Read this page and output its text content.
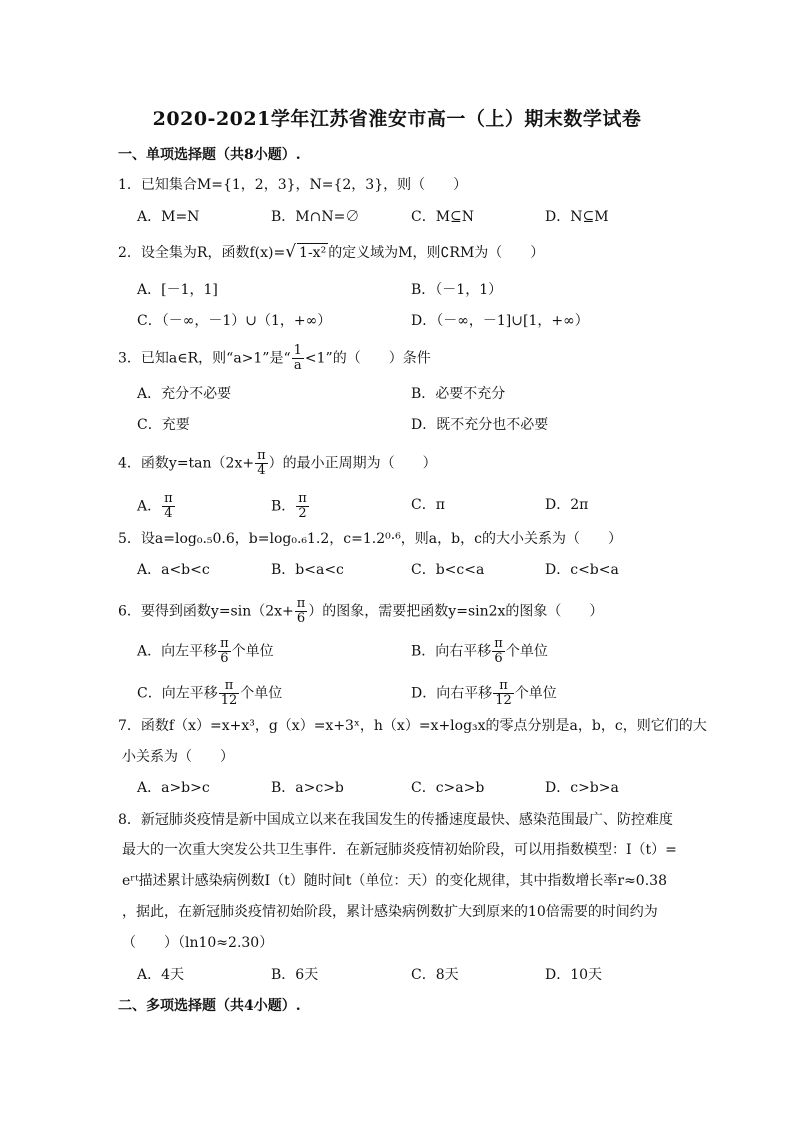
2020-2021学年江苏省淮安市高一（上）期末数学试卷
一、单项选择题（共8小题）.
1．已知集合M={1，2，3}，N={2，3}，则（　　）
A．M=N	B．M∩N=∅	C．M⊆N	D．N⊆M
2．设全集为R，函数f(x)=√ 1-x² 的定义域为M，则∁RM为（　　）
A．[－1，1]	B．（－1，1）
C．（－∞，－1）∪（1，+∞）	D．（－∞，－1]∪[1，+∞）
3．已知a∈R，则“a>1”是“ $\frac{1}{a} <1$”的（　　）条件
A．充分不必要	B．必要不充分
C．充要	D．既不充分也不必要
4．函数$y=\tan(2x+ \frac{\pi}{4}$ ）的最小正周期为（　　）
A． $\frac{\pi}{4}$	B． $\frac{\pi}{2}$	C．π	D．2π
5．设a=log₀.₅0.6，b=log₀.₆1.2，c=1.2⁰·⁶，则a，b，c的大小关系为（　　）
A．a<b<c	B．b<a<c	C．b<c<a	D．c<b<a
6．要得到函数$y=\sin(2x+ \frac{\pi}{6}$ ）的图象，需要把函数y=sin2x的图象（　　）
A．向左平移 $\frac{\pi}{6}$ 个单位	B．向右平移 $\frac{\pi}{6}$ 个单位
C．向左平移 $\frac{\pi}{12}$ 个单位	D．向右平移 $\frac{\pi}{12}$ 个单位
7．函数f（x）=x+x³，g（x）=x+3ˣ，h（x）=x+log₃x的零点分别是a，b，c，则它们的大
小关系为（　　）
A．a>b>c	B．a>c>b	C．c>a>b	D．c>b>a
8．新冠肺炎疫情是新中国成立以来在我国发生的传播速度最快、感染范围最广、防控难度
最大的一次重大突发公共卫生事件．在新冠肺炎疫情初始阶段，可以用指数模型：I（t）=
eʳᵗ描述累计感染病例数I（t）随时间t（单位：天）的变化规律，其中指数增长率r≈0.38
，据此，在新冠肺炎疫情初始阶段，累计感染病例数扩大到原来的10倍需要的时间约为
（　　）（ln10≈2.30）
A．4天	B．6天	C．8天	D．10天
二、多项选择题（共4小题）.
